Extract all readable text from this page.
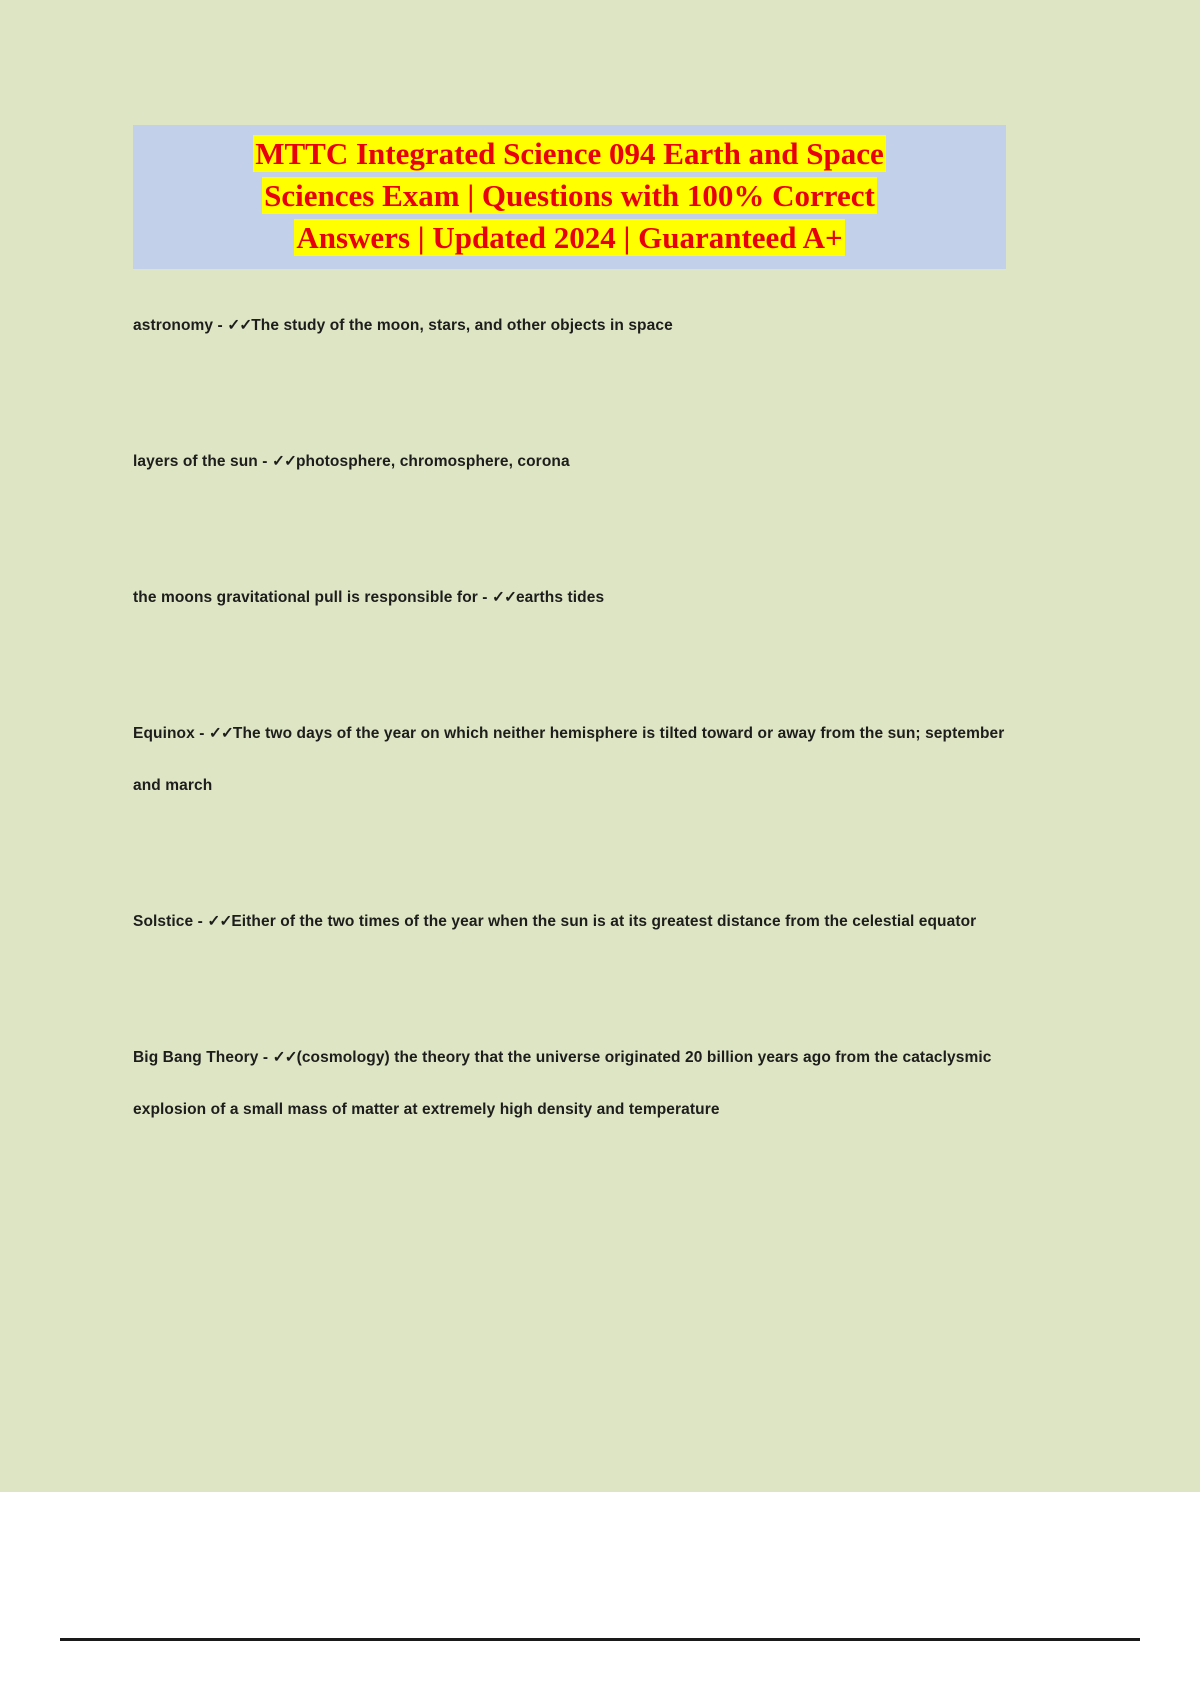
MTTC Integrated Science 094 Earth and Space
Sciences Exam | Questions with 100% Correct
Answers | Updated 2024 | Guaranteed A+

astronomy - ✓✓The study of the moon, stars, and other objects in space

layers of the sun - ✓✓photosphere, chromosphere, corona

the moons gravitational pull is responsible for - ✓✓earths tides

Equinox - ✓✓The two days of the year on which neither hemisphere is tilted toward or away from the sun; september and march

Solstice - ✓✓Either of the two times of the year when the sun is at its greatest distance from the celestial equator

Big Bang Theory - ✓✓(cosmology) the theory that the universe originated 20 billion years ago from the cataclysmic explosion of a small mass of matter at extremely high density and temperature
